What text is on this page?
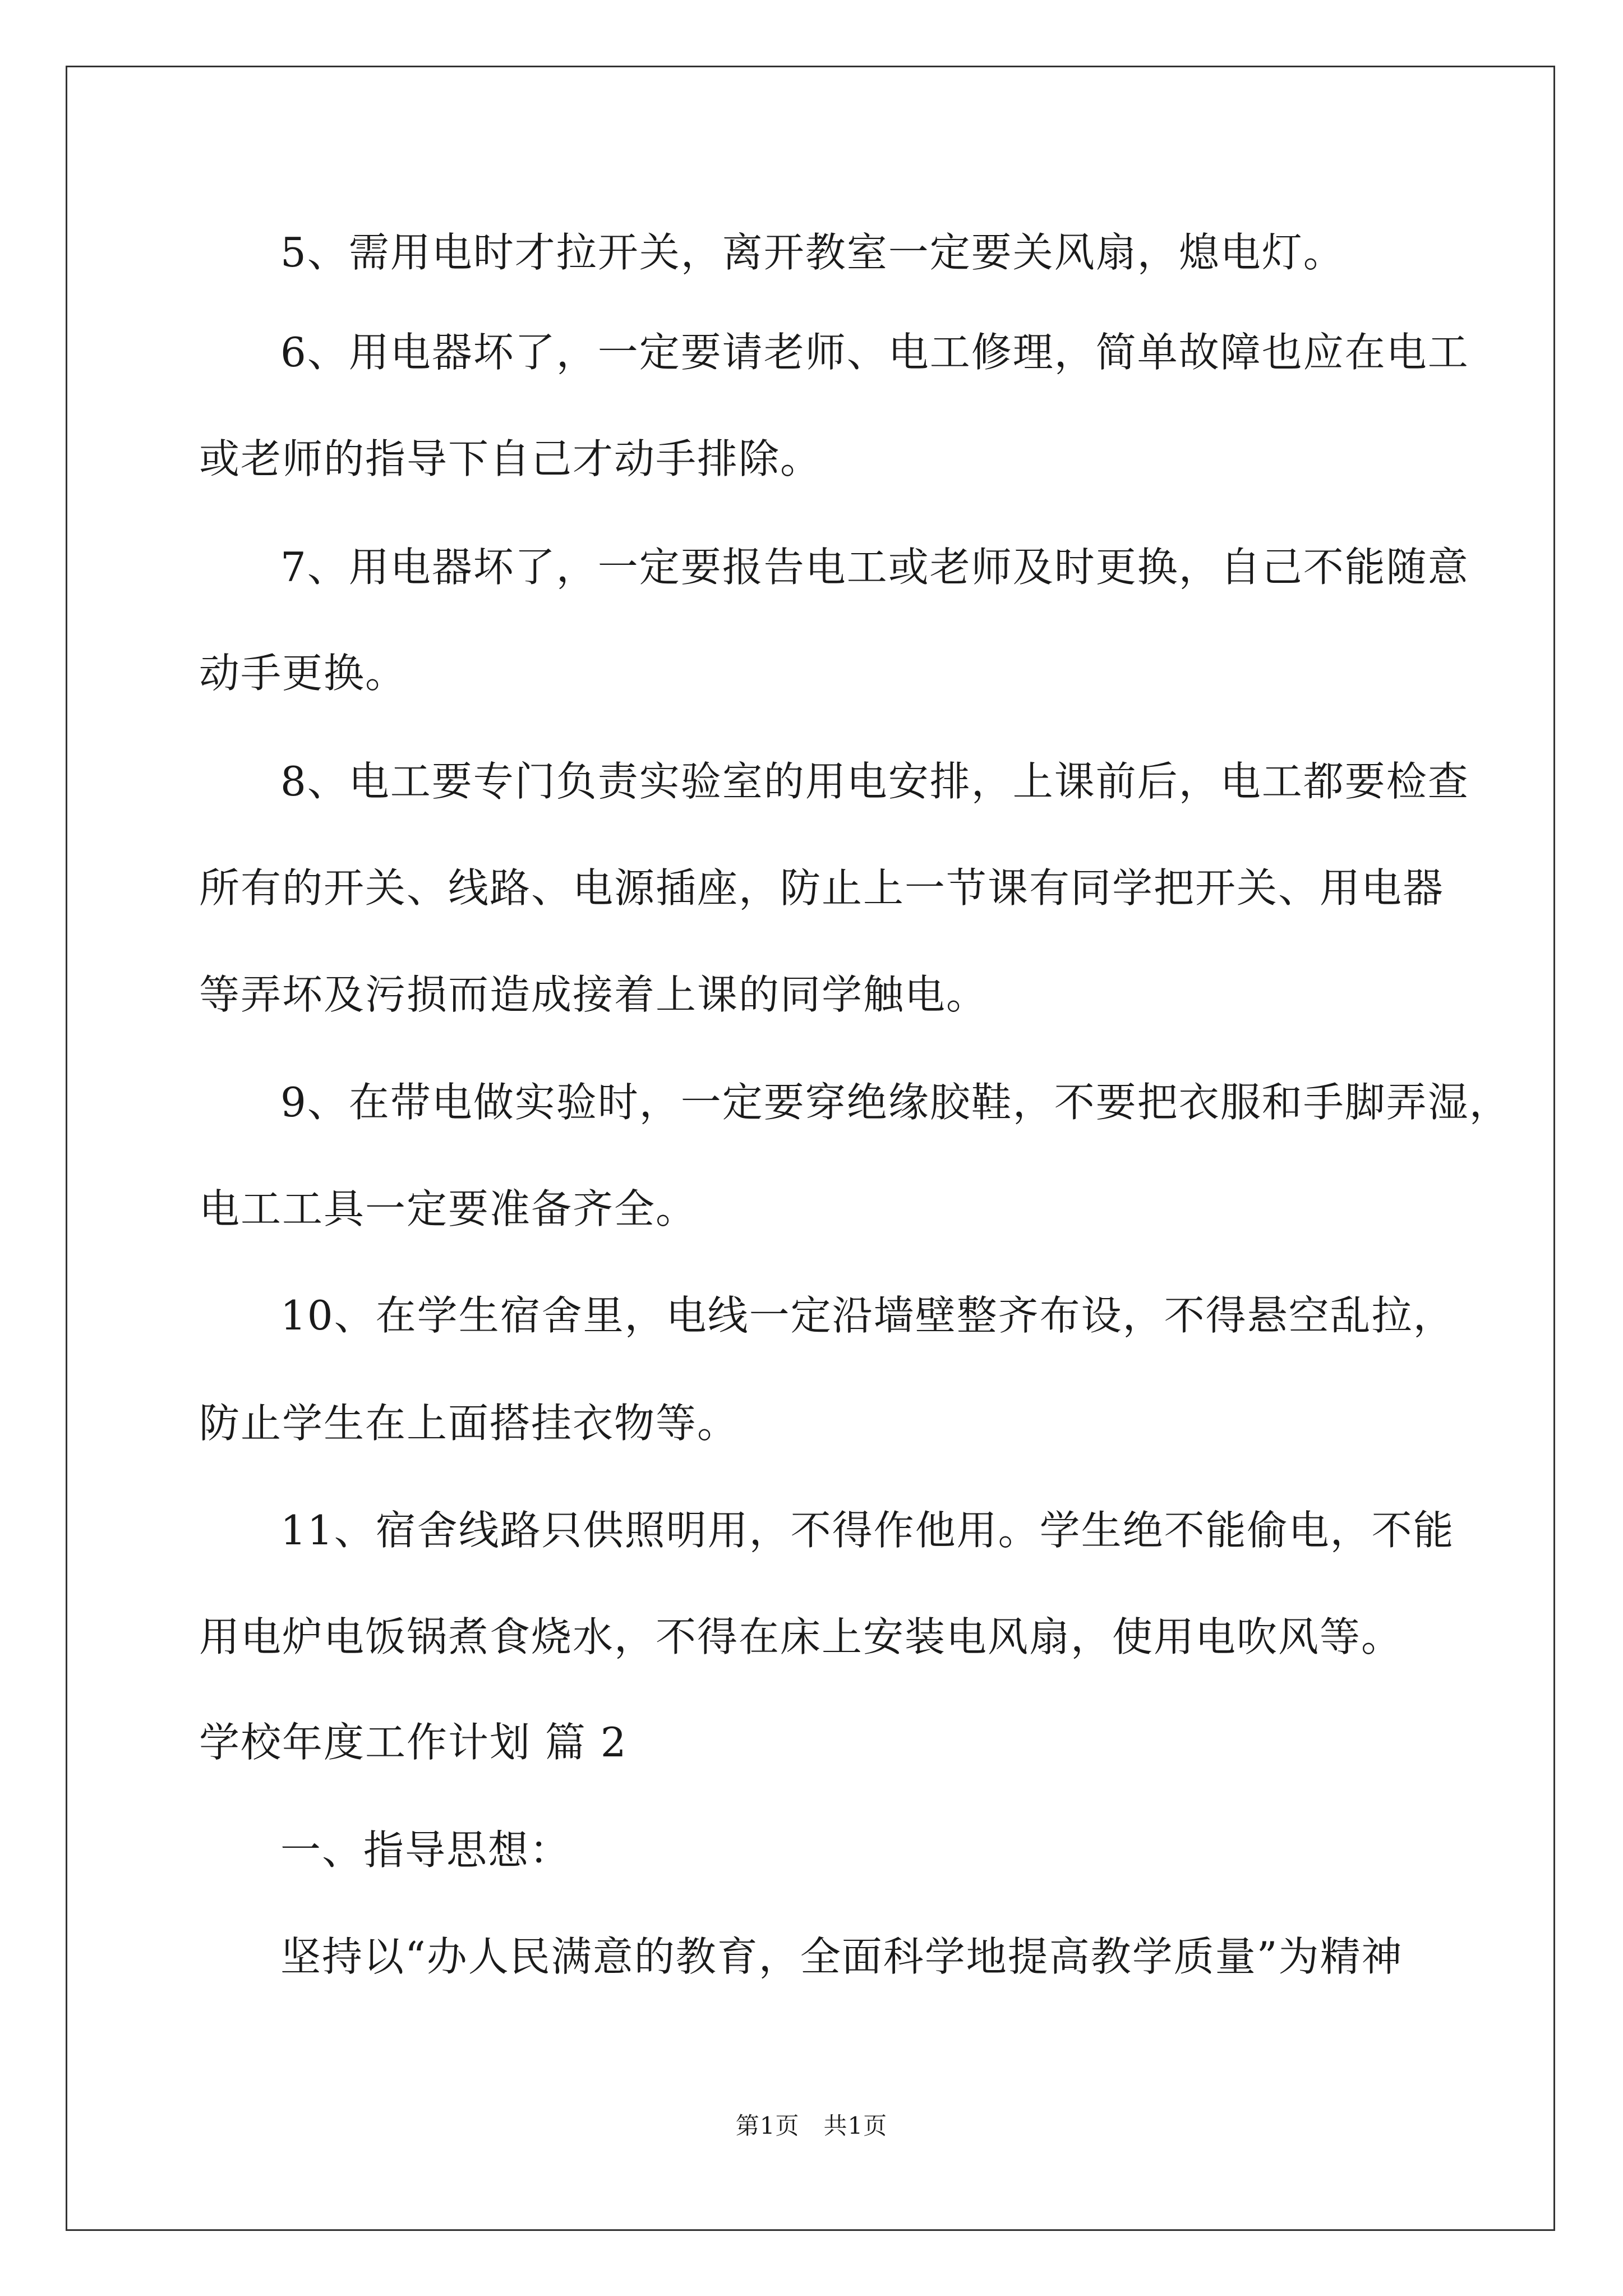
5、需用电时才拉开关，离开教室一定要关风扇，熄电灯。
6、用电器坏了，一定要请老师、电工修理，简单故障也应在电工
或老师的指导下自己才动手排除。
7、用电器坏了，一定要报告电工或老师及时更换，自己不能随意
动手更换。
8、电工要专门负责实验室的用电安排，上课前后，电工都要检查
所有的开关、线路、电源插座，防止上一节课有同学把开关、用电器
等弄坏及污损而造成接着上课的同学触电。
9、在带电做实验时，一定要穿绝缘胶鞋，不要把衣服和手脚弄湿，
电工工具一定要准备齐全。
10、在学生宿舍里，电线一定沿墙壁整齐布设，不得悬空乱拉，
防止学生在上面搭挂衣物等。
11、宿舍线路只供照明用，不得作他用。学生绝不能偷电，不能
用电炉电饭锅煮食烧水，不得在床上安装电风扇，使用电吹风等。
学校年度工作计划 篇 2
一、指导思想：
坚持以“办人民满意的教育，全面科学地提高教学质量”为精神
第1页　共1页
